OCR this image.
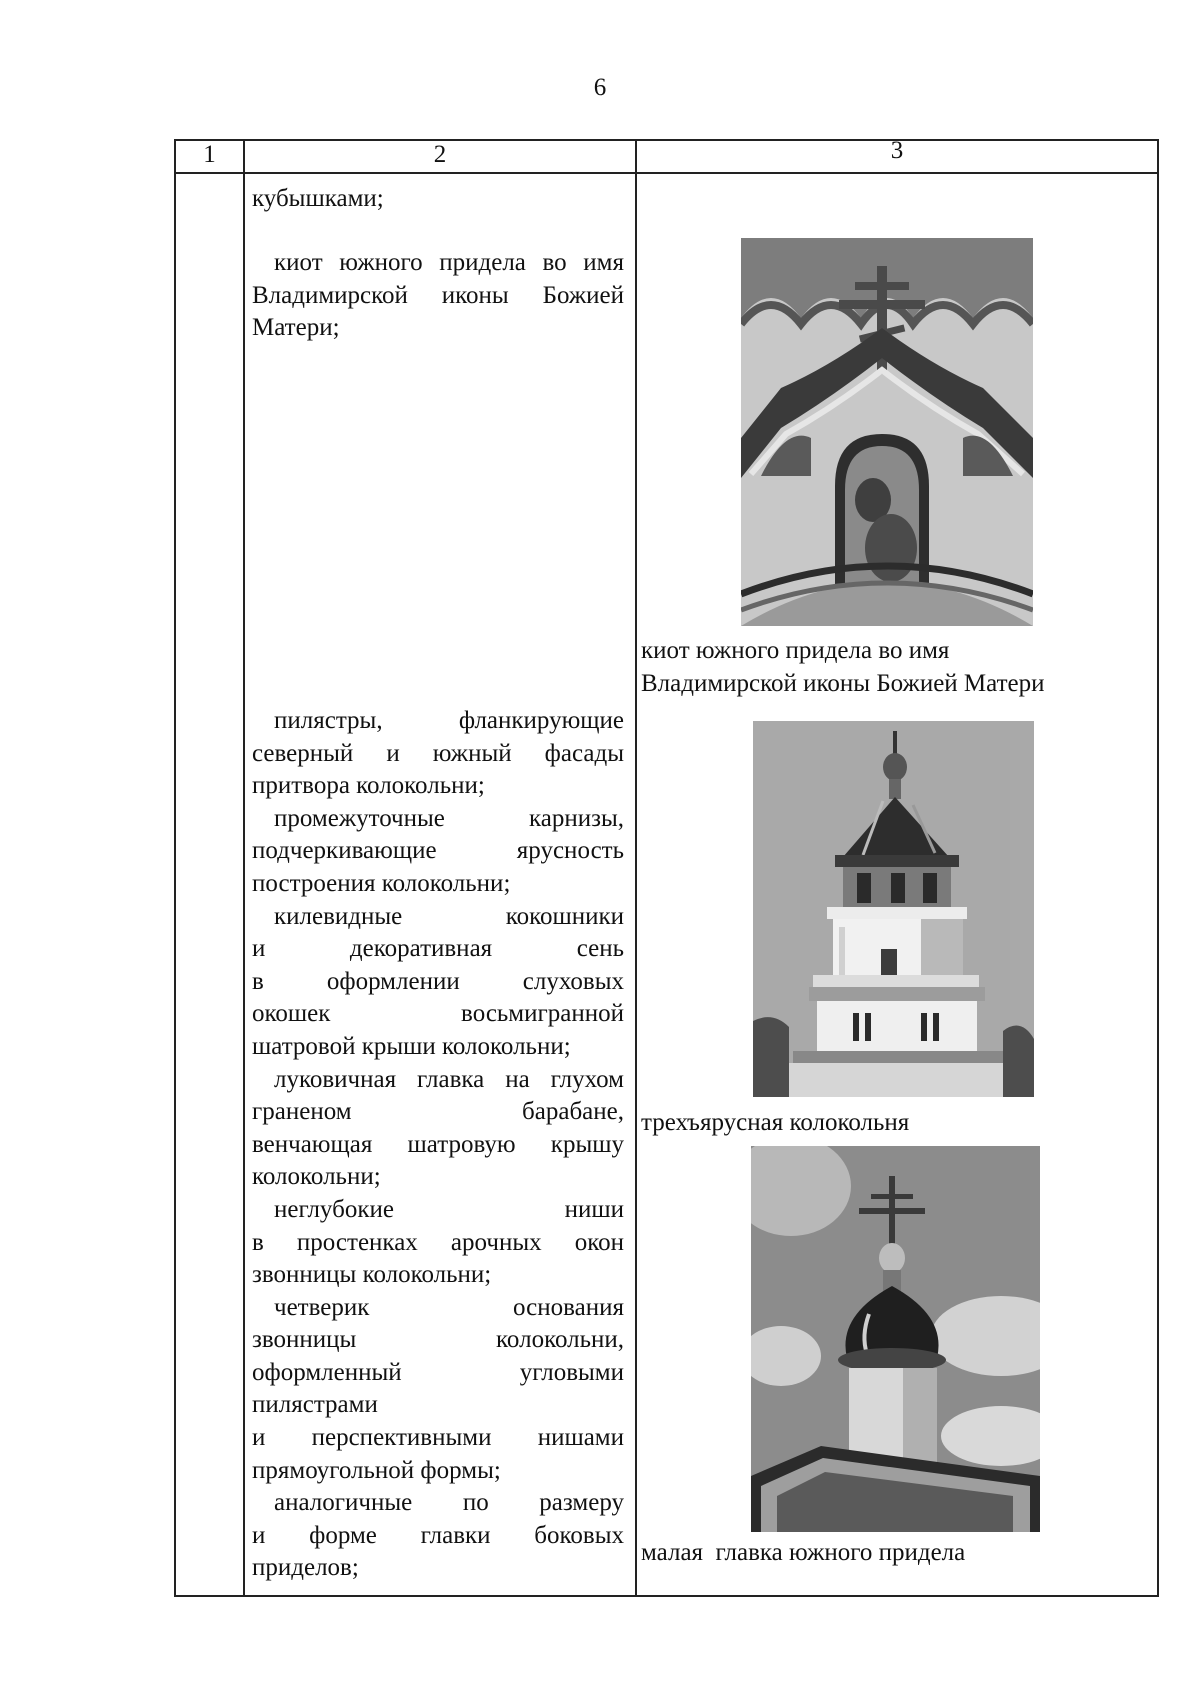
6
1	2	3

кубышками;

киот южного придела во имя

Владимирской иконы Божией

Матери;

пилястры, фланкирующие

северный и южный фасады

притвора колокольни;

промежуточные карнизы,

подчеркивающие ярусность

построения колокольни;

килевидные кокошники

и декоративная сень

в оформлении слуховых

окошек восьмигранной

шатровой крыши колокольни;

луковичная главка на глухом

граненом барабане,

венчающая шатровую крышу

колокольни;

неглубокие ниши

в простенках арочных окон

звонницы колокольни;

четверик основания

звонницы колокольни,

оформленный угловыми

пилястрами

и перспективными нишами

прямоугольной формы;

аналогичные по размеру

и форме главки боковых

приделов;

киот южного придела во имя
Владимирской иконы Божией Матери
трехъярусная колокольня
малая  главка южного придела
